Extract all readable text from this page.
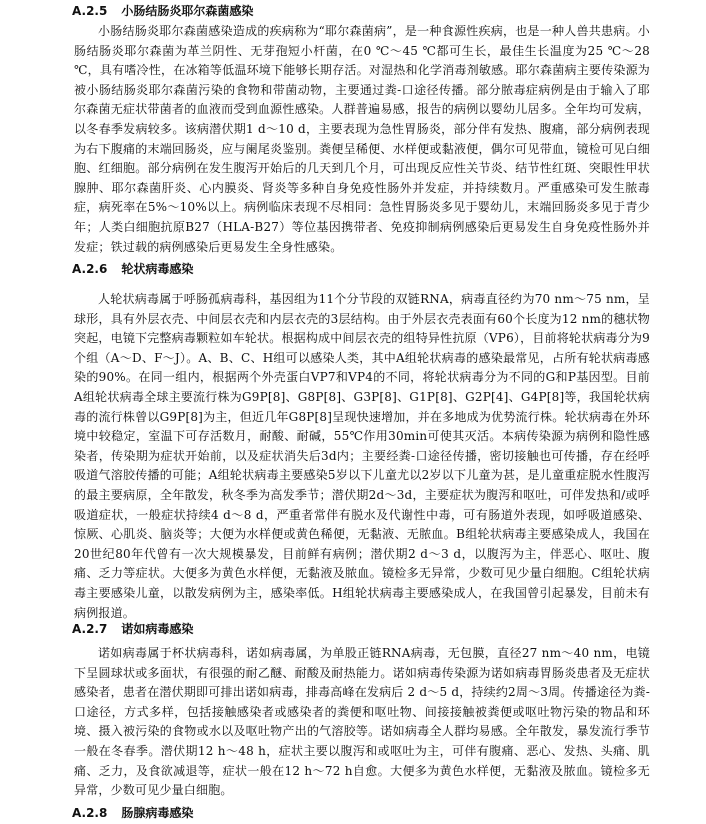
A.2.5 小肠结肠炎耶尔森菌感染

小肠结肠炎耶尔森菌感染造成的疾病称为“耶尔森菌病”，是一种食源性疾病，也是一种人兽共患病。小肠结肠炎耶尔森菌为革兰阴性、无芽孢短小杆菌，在0 ℃～45 ℃都可生长，最佳生长温度为25 ℃～28 ℃，具有嗜冷性，在冰箱等低温环境下能够长期存活。对湿热和化学消毒剂敏感。耶尔森菌病主要传染源为被小肠结肠炎耶尔森菌污染的食物和带菌动物，主要通过粪-口途径传播。部分脓毒症病例是由于输入了耶尔森菌无症状带菌者的血液而受到血源性感染。人群普遍易感，报告的病例以婴幼儿居多。全年均可发病，以冬春季发病较多。该病潜伏期1 d～10 d，主要表现为急性胃肠炎，部分伴有发热、腹痛，部分病例表现为右下腹痛的末端回肠炎，应与阑尾炎鉴别。粪便呈稀便、水样便或黏液便，偶尔可见带血，镜检可见白细胞、红细胞。部分病例在发生腹泻开始后的几天到几个月，可出现反应性关节炎、结节性红斑、突眼性甲状腺肿、耶尔森菌肝炎、心内膜炎、肾炎等多种自身免疫性肠外并发症，并持续数月。严重感染可发生脓毒症，病死率在5%～10%以上。病例临床表现不尽相同：急性胃肠炎多见于婴幼儿，末端回肠炎多见于青少年；人类白细胞抗原B27（HLA-B27）等位基因携带者、免疫抑制病例感染后更易发生自身免疫性肠外并发症；铁过载的病例感染后更易发生全身性感染。

A.2.6 轮状病毒感染

人轮状病毒属于呼肠孤病毒科，基因组为11个分节段的双链RNA，病毒直径约为70 nm～75 nm，呈球形，具有外层衣壳、中间层衣壳和内层衣壳的3层结构。由于外层衣壳表面有60个长度为12 nm的穗状物突起，电镜下完整病毒颗粒如车轮状。根据构成中间层衣壳的组特异性抗原（VP6），目前将轮状病毒分为9个组（A～D、F～J）。A、B、C、H组可以感染人类，其中A组轮状病毒的感染最常见，占所有轮状病毒感染的90%。在同一组内，根据两个外壳蛋白VP7和VP4的不同，将轮状病毒分为不同的G和P基因型。目前A组轮状病毒全球主要流行株为G9P[8]、G8P[8]、G3P[8]、G1P[8]、G2P[4]、G4P[8]等，我国轮状病毒的流行株曾以G9P[8]为主，但近几年G8P[8]呈现快速增加，并在多地成为优势流行株。轮状病毒在外环境中较稳定，室温下可存活数月，耐酸、耐碱，55℃作用30min可使其灭活。本病传染源为病例和隐性感染者，传染期为症状开始前，以及症状消失后3d内；主要经粪-口途径传播，密切接触也可传播，存在经呼吸道气溶胶传播的可能；A组轮状病毒主要感染5岁以下儿童尤以2岁以下儿童为甚，是儿童重症脱水性腹泻的最主要病原，全年散发，秋冬季为高发季节；潜伏期2d～3d，主要症状为腹泻和呕吐，可伴发热和/或呼吸道症状，一般症状持续4 d～8 d，严重者常伴有脱水及代谢性中毒，可有肠道外表现，如呼吸道感染、惊厥、心肌炎、脑炎等；大便为水样便或黄色稀便，无黏液、无脓血。B组轮状病毒主要感染成人，我国在20世纪80年代曾有一次大规模暴发，目前鲜有病例；潜伏期2 d～3 d，以腹泻为主，伴恶心、呕吐、腹痛、乏力等症状。大便多为黄色水样便，无黏液及脓血。镜检多无异常，少数可见少量白细胞。C组轮状病毒主要感染儿童，以散发病例为主，感染率低。H组轮状病毒主要感染成人，在我国曾引起暴发，目前未有病例报道。

A.2.7 诺如病毒感染

诺如病毒属于杯状病毒科，诺如病毒属，为单股正链RNA病毒，无包膜，直径27 nm～40 nm，电镜下呈圆球状或多面状，有很强的耐乙醚、耐酸及耐热能力。诺如病毒传染源为诺如病毒胃肠炎患者及无症状感染者，患者在潜伏期即可排出诺如病毒，排毒高峰在发病后 2 d～5 d，持续约2周～3周。传播途径为粪-口途径，方式多样，包括接触感染者或感染者的粪便和呕吐物、间接接触被粪便或呕吐物污染的物品和环境、摄入被污染的食物或水以及呕吐物产出的气溶胶等。诺如病毒全人群均易感。全年散发，暴发流行季节一般在冬春季。潜伏期12 h～48 h，症状主要以腹泻和或呕吐为主，可伴有腹痛、恶心、发热、头痛、肌痛、乏力，及食欲减退等，症状一般在12 h～72 h自愈。大便多为黄色水样便，无黏液及脓血。镜检多无异常，少数可见少量白细胞。

A.2.8 肠腺病毒感染
